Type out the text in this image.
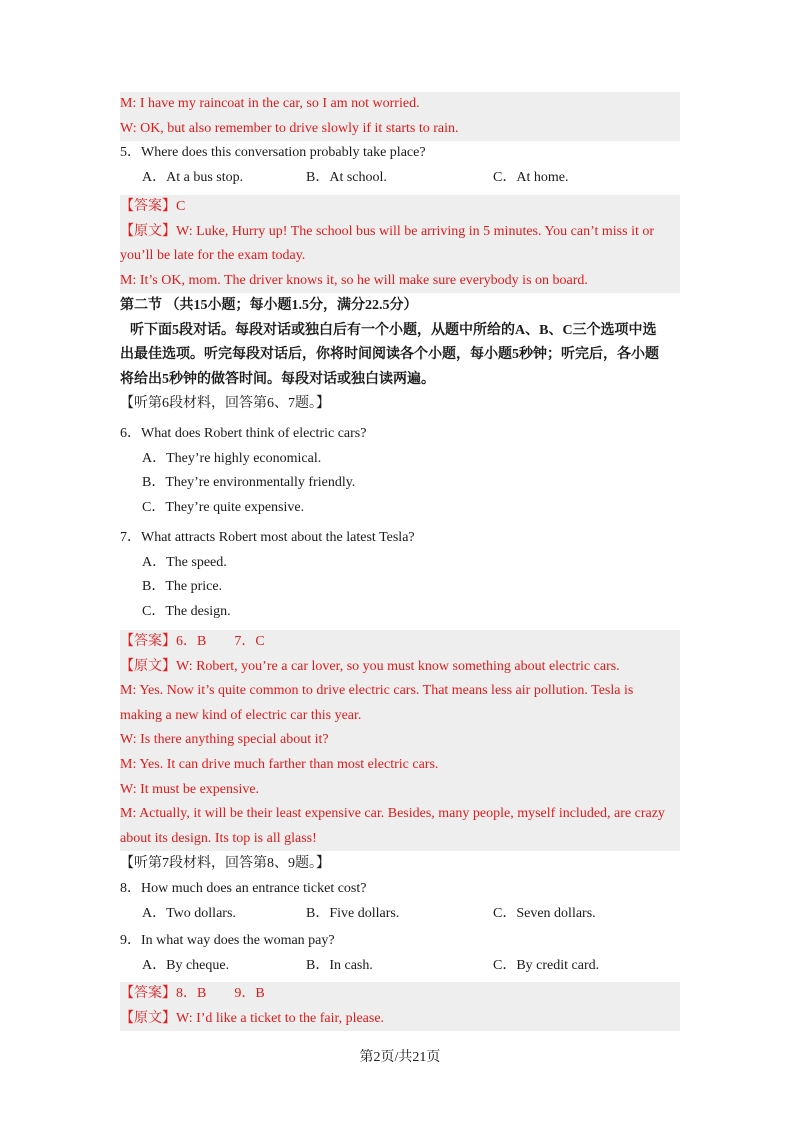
M: I have my raincoat in the car, so I am not worried.
W: OK, but also remember to drive slowly if it starts to rain.
5．Where does this conversation probably take place?
A．At a bus stop.	B．At school.	C．At home.
【答案】C
【原文】W: Luke, Hurry up! The school bus will be arriving in 5 minutes. You can’t miss it or
you’ll be late for the exam today.
M: It’s OK, mom. The driver knows it, so he will make sure everybody is on board.
第二节 （共15小题；每小题1.5分，满分22.5分）
听下面5段对话。每段对话或独白后有一个小题，从题中所给的A、B、C三个选项中选
出最佳选项。听完每段对话后，你将时间阅读各个小题，每小题5秒钟；听完后，各小题
将给出5秒钟的做答时间。每段对话或独白读两遍。
【听第6段材料，回答第6、7题。】
6．What does Robert think of electric cars?
A．They’re highly economical.
B．They’re environmentally friendly.
C．They’re quite expensive.
7．What attracts Robert most about the latest Tesla?
A．The speed.
B．The price.
C．The design.
【答案】6．B　　7．C
【原文】W: Robert, you’re a car lover, so you must know something about electric cars.
M: Yes. Now it’s quite common to drive electric cars. That means less air pollution. Tesla is
making a new kind of electric car this year.
W: Is there anything special about it?
M: Yes. It can drive much farther than most electric cars.
W: It must be expensive.
M: Actually, it will be their least expensive car. Besides, many people, myself included, are crazy
about its design. Its top is all glass!
【听第7段材料，回答第8、9题。】
8．How much does an entrance ticket cost?
A．Two dollars.	B．Five dollars.	C．Seven dollars.
9．In what way does the woman pay?
A．By cheque.	B．In cash.	C．By credit card.
【答案】8．B　　9．B
【原文】W: I’d like a ticket to the fair, please.
第2页/共21页
